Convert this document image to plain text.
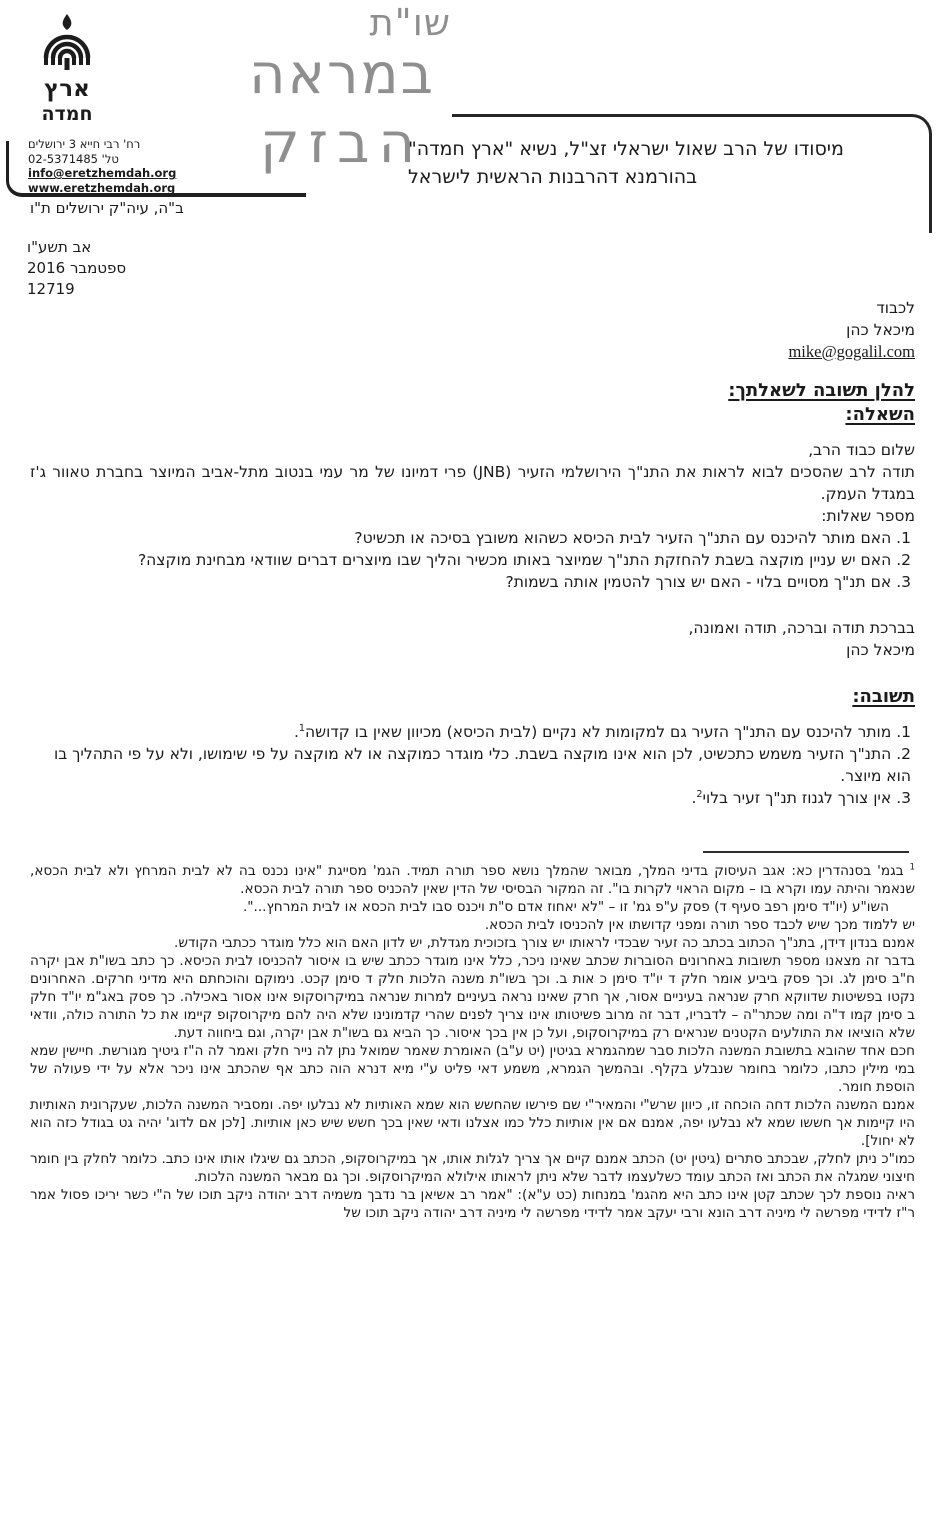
ארץ
חמדה
רח' רבי חייא 3 ירושלים
טל' 02-5371485
info@eretzhemdah.org
www.eretzhemdah.org
ב"ה, עיה"ק ירושלים ת"ו
אב תשע"ו
ספטמבר 2016
12719
שו"ת
במראה
הבזק
מיסודו של הרב שאול ישראלי זצ"ל, נשיא "ארץ חמדה"
בהורמנא דהרבנות הראשית לישראל
לכבוד
מיכאל כהן
mike@gogalil.com
להלן תשובה לשאלתך:
השאלה:
שלום כבוד הרב,
תודה לרב שהסכים לבוא לראות את התנ"ך הירושלמי הזעיר (JNB) פרי דמיונו של מר עמי בנטוב מתל-אביב המיוצר בחברת טאוור ג'ז במגדל העמק.
מספר שאלות:
1. האם מותר להיכנס עם התנ"ך הזעיר לבית הכיסא כשהוא משובץ בסיכה או תכשיט?
2. האם יש עניין מוקצה בשבת להחזקת התנ"ך שמיוצר באותו מכשיר והליך שבו מיוצרים דברים שוודאי מבחינת מוקצה?
3. אם תנ"ך מסויים בלוי - האם יש צורך להטמין אותה בשמות?
בברכת תודה וברכה, תודה ואמונה,
מיכאל כהן
תשובה:
1. מותר להיכנס עם התנ"ך הזעיר גם למקומות לא נקיים (לבית הכיסא) מכיוון שאין בו קדושה$^1$.
2. התנ"ך הזעיר משמש כתכשיט, לכן הוא אינו מוקצה בשבת. כלי מוגדר כמוקצה או לא מוקצה על פי שימושו, ולא על פי התהליך בו הוא מיוצר.
3. אין צורך לגנוז תנ"ך זעיר בלוי$^2$.

$^1$ בגמ' בסנהדרין כא: אגב העיסוק בדיני המלך, מבואר שהמלך נושא ספר תורה תמיד. הגמ' מסייגת "אינו נכנס בה לא לבית המרחץ ולא לבית הכסא, שנאמר והיתה עמו וקרא בו – מקום הראוי לקרות בו". זה המקור הבסיסי של הדין שאין להכניס ספר תורה לבית הכסא.

השו"ע (יו"ד סימן רפב סעיף ד) פסק ע"פ גמ' זו – "לא יאחוז אדם ס"ת ויכנס סבו לבית הכסא או לבית המרחץ...".

יש ללמוד מכך שיש לכבד ספר תורה ומפני קדושתו אין להכניסו לבית הכסא.

אמנם בנדון דידן, בתנ"ך הכתוב בכתב כה זעיר שבכדי לראותו יש צורך בזכוכית מגדלת, יש לדון האם הוא כלל מוגדר ככתבי הקודש.

בדבר זה מצאנו מספר תשובות באחרונים הסוברות שכתב שאינו ניכר, כלל אינו מוגדר ככתב שיש בו איסור להכניסו לבית הכיסא. כך כתב בשו"ת אבן יקרה ח"ב סימן לג. וכך פסק ביביע אומר חלק ד יו"ד סימן כ אות ב. וכך בשו"ת משנה הלכות חלק ד סימן קכט. נימוקם והוכחתם היא מדיני חרקים. האחרונים נקטו בפשיטות שדווקא חרק שנראה בעיניים אסור, אך חרק שאינו נראה בעיניים למרות שנראה במיקרוסקופ אינו אסור באכילה. כך פסק באג"מ יו"ד חלק ב סימן קמו ד"ה ומה שכתר"ה – לדבריו, דבר זה מרוב פשיטותו אינו צריך לפנים שהרי קדמונינו שלא היה להם מיקרוסקופ קיימו את כל התורה כולה, וודאי שלא הוציאו את התולעים הקטנים שנראים רק במיקרוסקופ, ועל כן אין בכך איסור. כך הביא גם בשו"ת אבן יקרה, וגם ביחווה דעת.

חכם אחד שהובא בתשובת המשנה הלכות סבר שמהגמרא בגיטין (יט ע"ב) האומרת שאמר שמואל נתן לה נייר חלק ואמר לה ה"ז גיטיך מגורשת. חיישין שמא במי מילין כתבו, כלומר בחומר שנבלע בקלף. ובהמשך הגמרא, משמע דאי פליט ע"י מיא דנרא הוה כתב אף שהכתב אינו ניכר אלא על ידי פעולה של הוספת חומר.

אמנם המשנה הלכות דחה הוכחה זו, כיוון שרש"י והמאיר"י שם פירשו שהחשש הוא שמא האותיות לא נבלעו יפה. ומסביר המשנה הלכות, שעקרונית האותיות היו קיימות אך חששו שמא לא נבלעו יפה, אמנם אם אין אותיות כלל כמו אצלנו ודאי שאין בכך חשש שיש כאן אותיות. [לכן אם לדוג' יהיה גט בגודל כזה הוא לא יחול].

כמו"כ ניתן לחלק, שבכתב סתרים (גיטין יט) הכתב אמנם קיים אך צריך לגלות אותו, אך במיקרוסקופ, הכתב גם שיגלו אותו אינו כתב. כלומר לחלק בין חומר חיצוני שמגלה את הכתב ואז הכתב עומד כשלעצמו לדבר שלא ניתן לראותו אילולא המיקרוסקופ. וכך גם מבאר המשנה הלכות.

ראיה נוספת לכך שכתב קטן אינו כתב היא מהגמ' במנחות (כט ע"א): "אמר רב אשיאן בר נדבך משמיה דרב יהודה ניקב תוכו של ה"י כשר יריכו פסול אמר ר"ז לדידי מפרשה לי מיניה דרב הונא ורבי יעקב אמר לדידי מפרשה לי מיניה דרב יהודה ניקב תוכו של
